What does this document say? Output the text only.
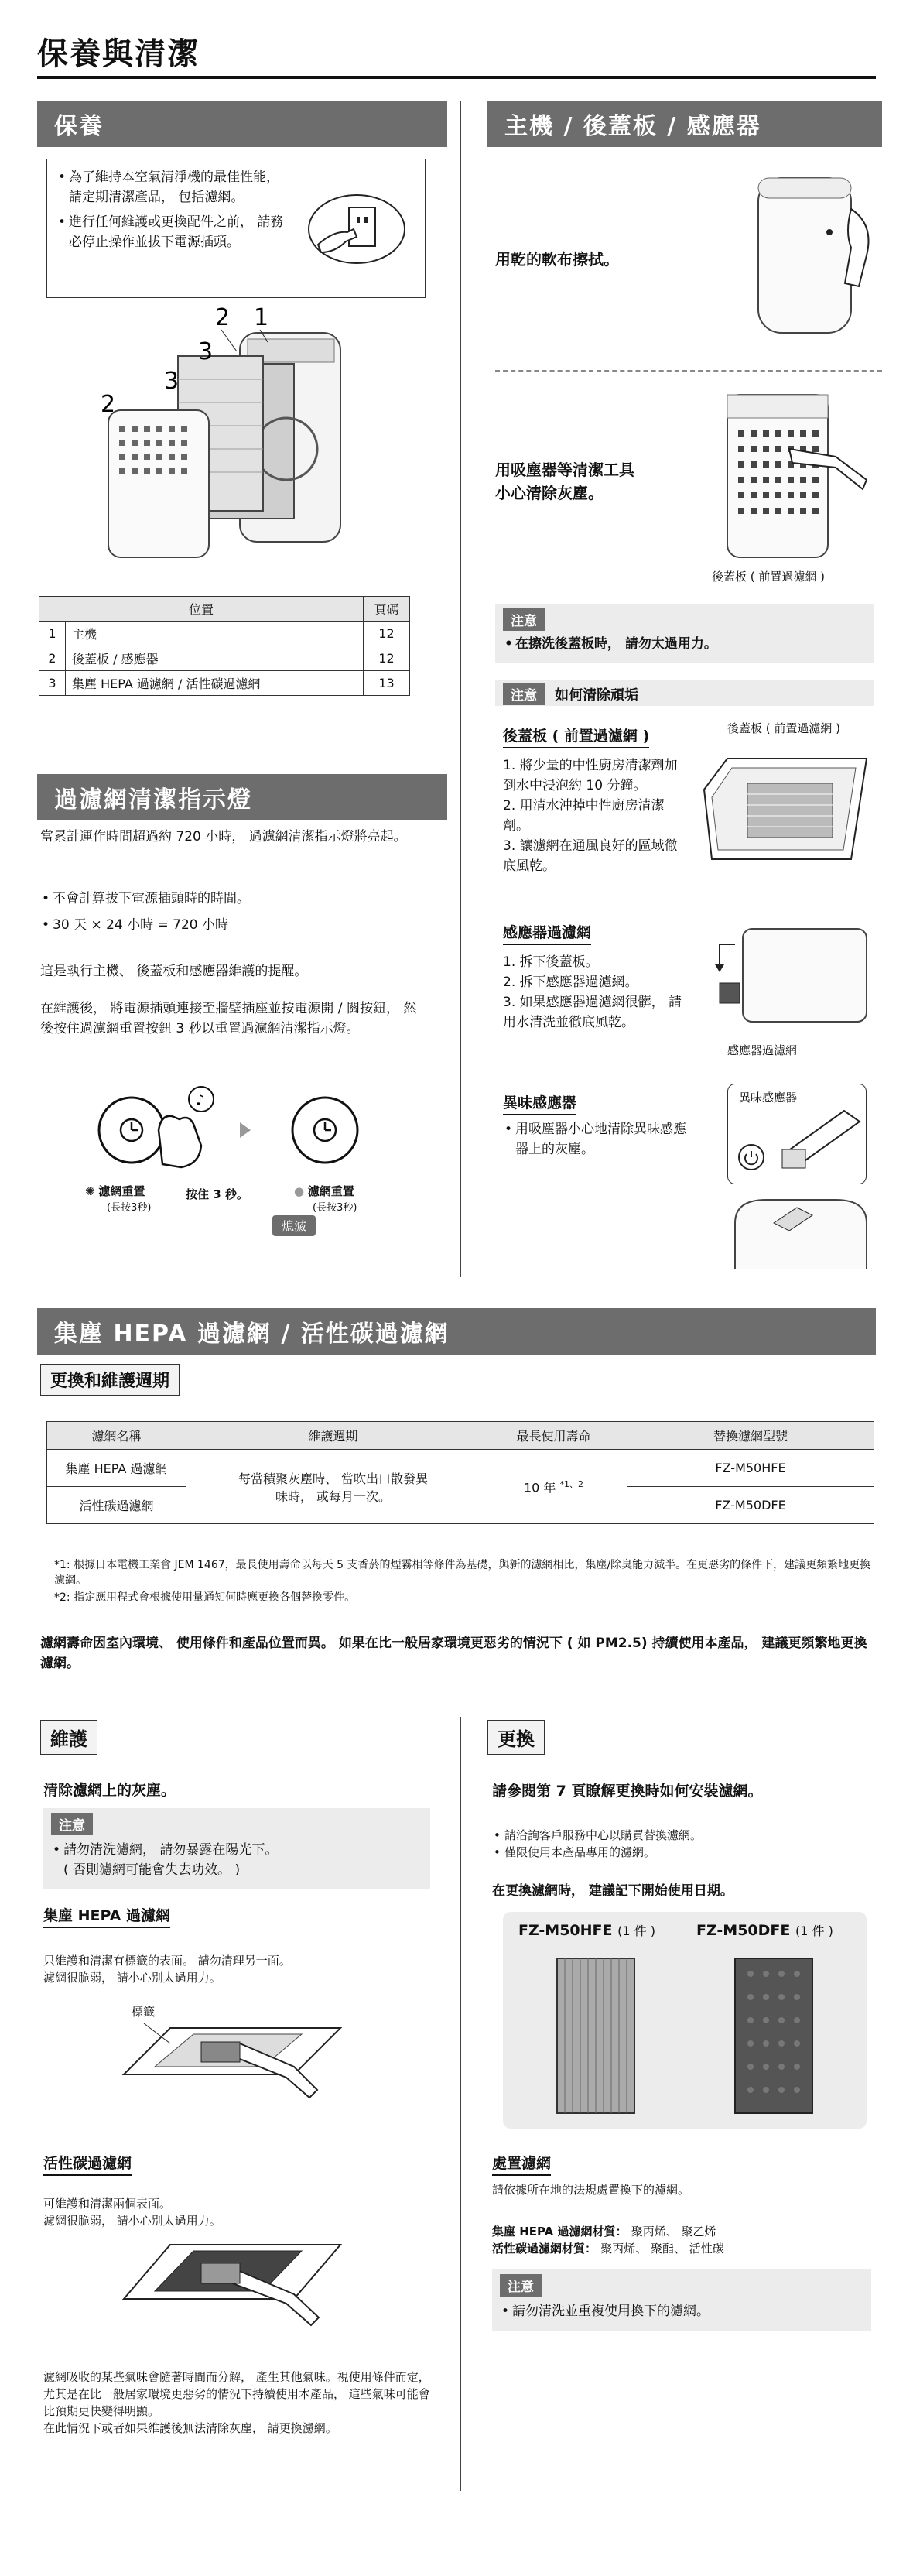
保養與清潔
保養
• 為了維持本空氣清淨機的最佳性能， 請定期清潔產品， 包括濾網。
• 進行任何維護或更換配件之前， 請務必停止操作並拔下電源插頭。
1
2
2
3
3
位置		頁碼
1	主機	12
2	後蓋板 / 感應器	12
3	集塵 HEPA 過濾網 / 活性碳過濾網	13
過濾網清潔指示燈
當累計運作時間超過約 720 小時， 過濾網清潔指示燈將亮起。
• 不會計算拔下電源插頭時的時間。
• 30 天 × 24 小時 = 720 小時
這是執行主機、 後蓋板和感應器維護的提醒。
在維護後， 將電源插頭連接至牆壁插座並按電源開 / 關按鈕， 然後按住過濾網重置按鈕 3 秒以重置過濾網清潔指示燈。
♪
✺ 濾網重置
(長按3秒)
按住 3 秒。	● 濾網重置
(長按3秒)
熄滅
主機 / 後蓋板 / 感應器
用乾的軟布擦拭。
用吸塵器等清潔工具
小心清除灰塵。
後蓋板 ( 前置過濾網 )
注意
• 在擦洗後蓋板時， 請勿太過用力。
注意 如何清除頑垢
後蓋板 ( 前置過濾網 )
1. 將少量的中性廚房清潔劑加到水中浸泡約 10 分鐘。
2. 用清水沖掉中性廚房清潔劑。
3. 讓濾網在通風良好的區域徹底風乾。
後蓋板 ( 前置過濾網 )
感應器過濾網
1. 拆下後蓋板。
2. 拆下感應器過濾網。
3. 如果感應器過濾網很髒， 請用水清洗並徹底風乾。
感應器過濾網
異味感應器
• 用吸塵器小心地清除異味感應器上的灰塵。
異味感應器
集塵 HEPA 過濾網 / 活性碳過濾網
更換和維護週期
濾網名稱	維護週期	最長使用壽命	替換濾網型號
集塵 HEPA 過濾網	每當積聚灰塵時、 當吹出口散發異味時， 或每月一次。	10 年 $^{*1、2}$	FZ-M50HFE
活性碳過濾網			FZ-M50DFE
*1: 根據日本電機工業會 JEM 1467，最長使用壽命以每天 5 支香菸的煙霧相等條件為基礎，與新的濾網相比，集塵/除臭能力減半。在更惡劣的條件下，建議更頻繁地更換濾網。
*2: 指定應用程式會根據使用量通知何時應更換各個替換零件。
濾網壽命因室內環境、 使用條件和產品位置而異。 如果在比一般居家環境更惡劣的情況下 ( 如 PM2.5) 持續使用本產品， 建議更頻繁地更換濾網。
維護
清除濾網上的灰塵。
注意
• 請勿清洗濾網， 請勿暴露在陽光下。
( 否則濾網可能會失去功效。 )
集塵 HEPA 過濾網
只維護和清潔有標籤的表面。 請勿清理另一面。
濾網很脆弱， 請小心別太過用力。
標籤
活性碳過濾網
可維護和清潔兩個表面。
濾網很脆弱， 請小心別太過用力。
濾網吸收的某些氣味會隨著時間而分解， 產生其他氣味。視使用條件而定， 尤其是在比一般居家環境更惡劣的情況下持續使用本產品， 這些氣味可能會比預期更快變得明顯。
在此情況下或者如果維護後無法清除灰塵， 請更換濾網。
更換
請參閱第 7 頁瞭解更換時如何安裝濾網。
• 請洽詢客戶服務中心以購買替換濾網。
• 僅限使用本產品專用的濾網。
在更換濾網時， 建議記下開始使用日期。
FZ-M50HFE (1 件 )	FZ-M50DFE (1 件 )
處置濾網
請依據所在地的法規處置換下的濾網。
集塵 HEPA 過濾網材質： 聚丙烯、 聚乙烯
活性碳過濾網材質： 聚丙烯、 聚酯、 活性碳
注意
• 請勿清洗並重複使用換下的濾網。
